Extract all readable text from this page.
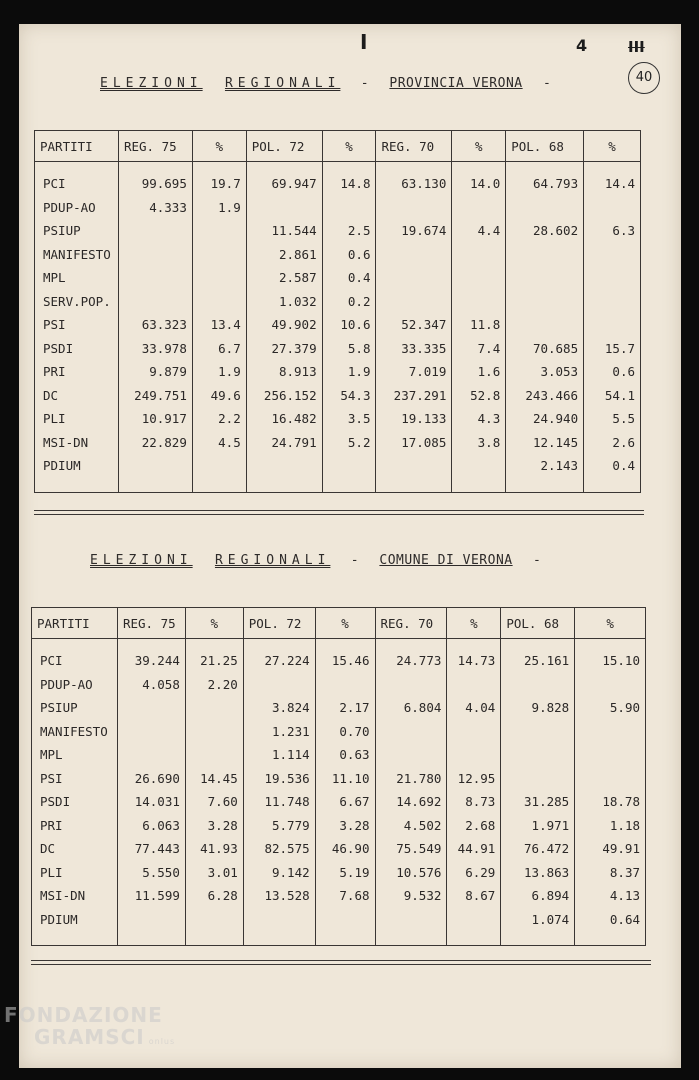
I	4	III
40
ELEZIONI REGIONALI - PROVINCIA VERONA -
PARTITI	REG. 75	%	POL. 72	%	REG. 70	%	POL. 68	%
PCI	99.695	19.7	69.947	14.8	63.130	14.0	64.793	14.4
PDUP-AO	4.333	1.9						
PSIUP			11.544	2.5	19.674	4.4	28.602	6.3
MANIFESTO			2.861	0.6				
MPL			2.587	0.4				
SERV.POP.			1.032	0.2				
PSI	63.323	13.4	49.902	10.6	52.347	11.8		
PSDI	33.978	6.7	27.379	5.8	33.335	7.4	70.685	15.7
PRI	9.879	1.9	8.913	1.9	7.019	1.6	3.053	0.6
DC	249.751	49.6	256.152	54.3	237.291	52.8	243.466	54.1
PLI	10.917	2.2	16.482	3.5	19.133	4.3	24.940	5.5
MSI-DN	22.829	4.5	24.791	5.2	17.085	3.8	12.145	2.6
PDIUM							2.143	0.4

ELEZIONI REGIONALI - COMUNE DI VERONA -
PARTITI	REG. 75	%	POL. 72	%	REG. 70	%	POL. 68	%
PCI	39.244	21.25	27.224	15.46	24.773	14.73	25.161	15.10
PDUP-AO	4.058	2.20						
PSIUP			3.824	2.17	6.804	4.04	9.828	5.90
MANIFESTO			1.231	0.70				
MPL			1.114	0.63				
PSI	26.690	14.45	19.536	11.10	21.780	12.95		
PSDI	14.031	7.60	11.748	6.67	14.692	8.73	31.285	18.78
PRI	6.063	3.28	5.779	3.28	4.502	2.68	1.971	1.18
DC	77.443	41.93	82.575	46.90	75.549	44.91	76.472	49.91
PLI	5.550	3.01	9.142	5.19	10.576	6.29	13.863	8.37
MSI-DN	11.599	6.28	13.528	7.68	9.532	8.67	6.894	4.13
PDIUM							1.074	0.64

FONDAZIONE
GRAMSCI onlus
